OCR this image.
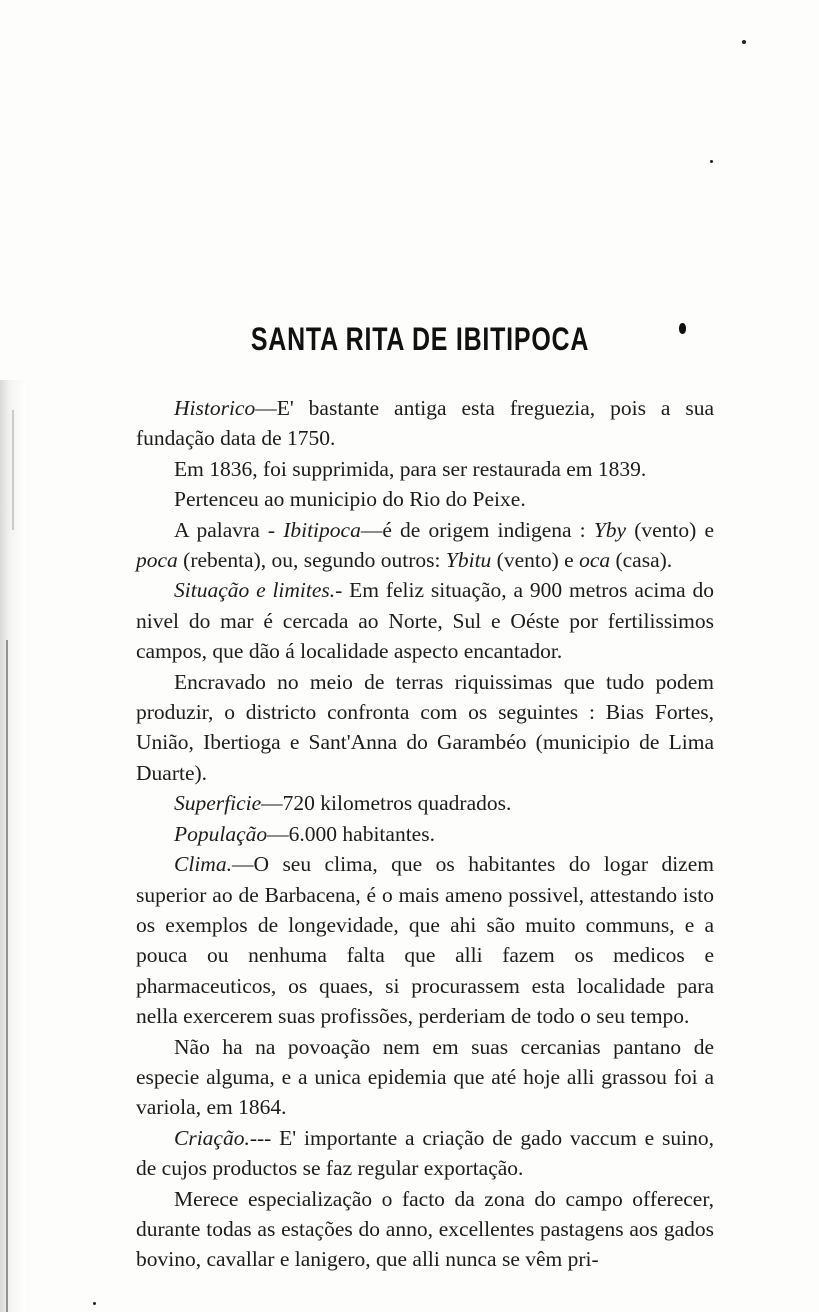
SANTA RITA DE IBITIPOCA

Historico—E' bastante antiga esta freguezia, pois a sua fundação data de 1750.

Em 1836, foi supprimida, para ser restaurada em 1839.

Pertenceu ao municipio do Rio do Peixe.

A palavra - Ibitipoca—é de origem indigena : Yby (vento) e poca (rebenta), ou, segundo outros: Ybitu (vento) e oca (casa).

Situação e limites.- Em feliz situação, a 900 metros acima do nivel do mar é cercada ao Norte, Sul e Oéste por fertilissimos campos, que dão á localidade aspecto encantador.

Encravado no meio de terras riquissimas que tudo podem produzir, o districto confronta com os seguintes : Bias Fortes, União, Ibertioga e Sant'Anna do Garambéo (municipio de Lima Duarte).

Superficie—720 kilometros quadrados.

População—6.000 habitantes.

Clima.—O seu clima, que os habitantes do logar dizem superior ao de Barbacena, é o mais ameno possivel, attestando isto os exemplos de longevidade, que ahi são muito communs, e a pouca ou nenhuma falta que alli fazem os medicos e pharmaceuticos, os quaes, si procurassem esta localidade para nella exercerem suas profissões, perderiam de todo o seu tempo.

Não ha na povoação nem em suas cercanias pantano de especie alguma, e a unica epidemia que até hoje alli grassou foi a variola, em 1864.

Criação.--- E' importante a criação de gado vaccum e suino, de cujos productos se faz regular exportação.

Merece especialização o facto da zona do campo offerecer, durante todas as estações do anno, excellentes pastagens aos gados bovino, cavallar e lanigero, que alli nunca se vêm pri-
